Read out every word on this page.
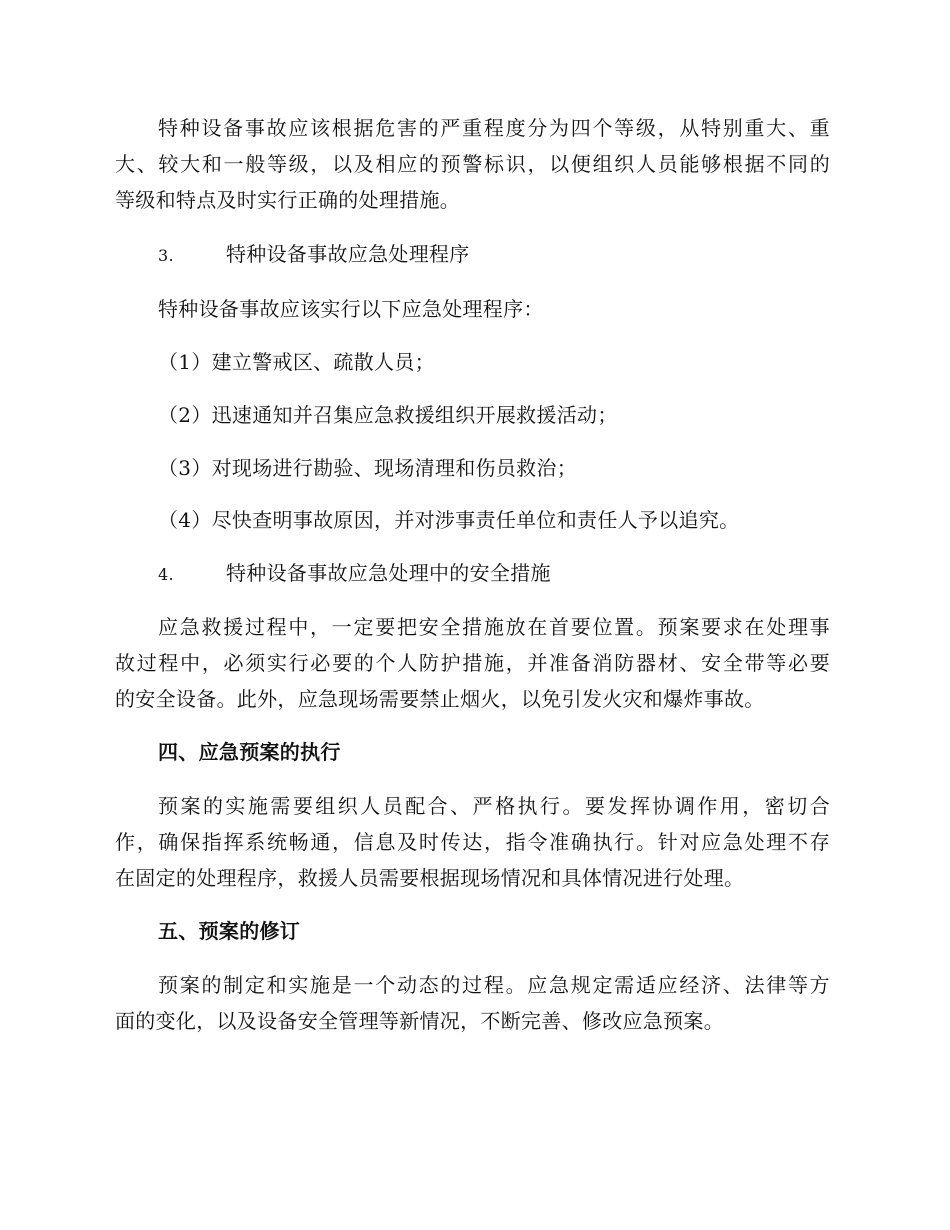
特种设备事故应该根据危害的严重程度分为四个等级，从特别重大、重
大、较大和一般等级，以及相应的预警标识，以便组织人员能够根据不同的
等级和特点及时实行正确的处理措施。
3.	特种设备事故应急处理程序
特种设备事故应该实行以下应急处理程序：
（1）建立警戒区、疏散人员；
（2）迅速通知并召集应急救援组织开展救援活动；
（3）对现场进行勘验、现场清理和伤员救治；
（4）尽快查明事故原因，并对涉事责任单位和责任人予以追究。
4.	特种设备事故应急处理中的安全措施
应急救援过程中，一定要把安全措施放在首要位置。预案要求在处理事
故过程中，必须实行必要的个人防护措施，并准备消防器材、安全带等必要
的安全设备。此外，应急现场需要禁止烟火，以免引发火灾和爆炸事故。
四、应急预案的执行
预案的实施需要组织人员配合、严格执行。要发挥协调作用，密切合
作，确保指挥系统畅通，信息及时传达，指令准确执行。针对应急处理不存
在固定的处理程序，救援人员需要根据现场情况和具体情况进行处理。
五、预案的修订
预案的制定和实施是一个动态的过程。应急规定需适应经济、法律等方
面的变化，以及设备安全管理等新情况，不断完善、修改应急预案。
